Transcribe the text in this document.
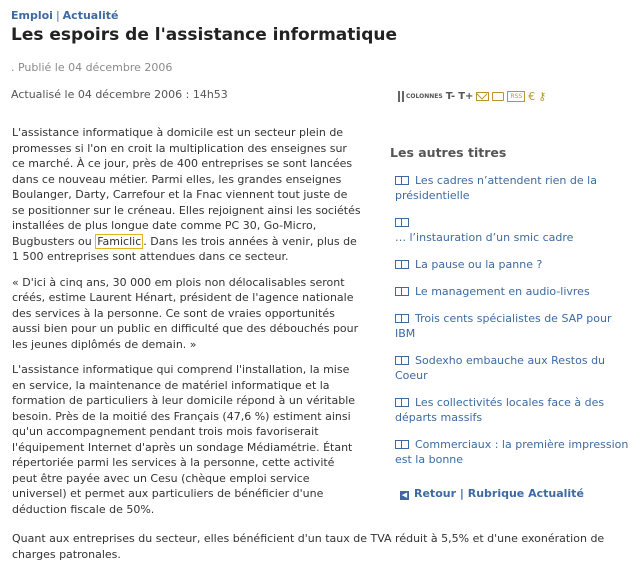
Emploi | Actualité
Les espoirs de l'assistance informatique
. Publié le 04 décembre 2006
Actualisé le 04 décembre 2006 : 14h53	COLONNES T- T+	RSS € ⚷

L'assistance informatique à domicile est un secteur plein de promesses si l'on en croit la multiplication des enseignes sur ce marché. À ce jour, près de 400 entreprises se sont lancées dans ce nouveau métier. Parmi elles, les grandes enseignes Boulanger, Darty, Carrefour et la Fnac viennent tout juste de se positionner sur le créneau. Elles rejoignent ainsi les sociétés installées de plus longue date comme PC 30, Go-Micro, Bugbusters ou Famiclic . Dans les trois années à venir, plus de 1 500 entreprises sont attendues dans ce secteur.

« D'ici à cinq ans, 30 000 em plois non délocalisables seront créés, estime Laurent Hénart, président de l'agence nationale des services à la personne. Ce sont de vraies opportunités aussi bien pour un public en difficulté que des débouchés pour les jeunes diplômés de demain. »

L'assistance informatique qui comprend l'installation, la mise en service, la maintenance de matériel informatique et la formation de particuliers à leur domicile répond à un véritable besoin. Près de la moitié des Français (47,6 %) estiment ainsi qu'un accompagnement pendant trois mois favoriserait l'équipement Internet d'après un sondage Médiamétrie. Étant répertoriée parmi les services à la personne, cette activité peut être payée avec un Cesu (chèque emploi service universel) et permet aux particuliers de bénéficier d'une déduction fiscale de 50%.

Quant aux entreprises du secteur, elles bénéficient d'un taux de TVA réduit à 5,5% et d'une exonération de charges patronales.
Les autres titres
Les cadres n’attendent rien de la présidentielle

… l’instauration d’un smic cadre
La pause ou la panne ?
Le management en audio-livres
Trois cents spécialistes de SAP pour IBM
Sodexho embauche aux Restos du Coeur
Les collectivités locales face à des départs massifs
Commerciaux : la première impression est la bonne
◀ Retour | Rubrique Actualité
